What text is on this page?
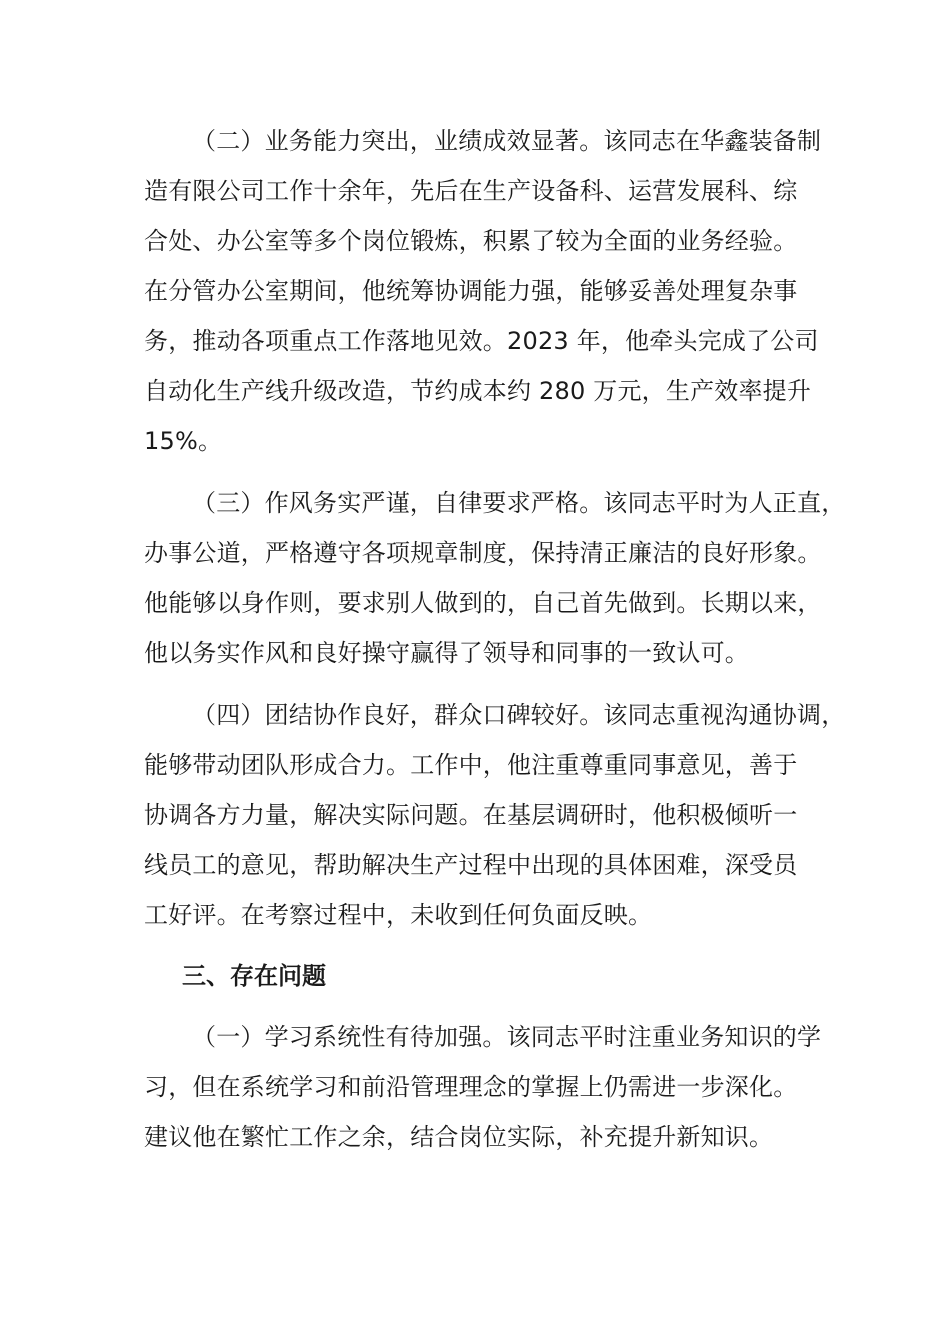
（二）业务能力突出，业绩成效显著。该同志在华鑫装备制
造有限公司工作十余年，先后在生产设备科、运营发展科、综
合处、办公室等多个岗位锻炼，积累了较为全面的业务经验。
在分管办公室期间，他统筹协调能力强，能够妥善处理复杂事
务，推动各项重点工作落地见效。2023 年，他牵头完成了公司
自动化生产线升级改造，节约成本约 280 万元，生产效率提升
15%。
（三）作风务实严谨，自律要求严格。该同志平时为人正直，
办事公道，严格遵守各项规章制度，保持清正廉洁的良好形象。
他能够以身作则，要求别人做到的，自己首先做到。长期以来，
他以务实作风和良好操守赢得了领导和同事的一致认可。
（四）团结协作良好，群众口碑较好。该同志重视沟通协调，
能够带动团队形成合力。工作中，他注重尊重同事意见，善于
协调各方力量，解决实际问题。在基层调研时，他积极倾听一
线员工的意见，帮助解决生产过程中出现的具体困难，深受员
工好评。在考察过程中，未收到任何负面反映。
三、存在问题
（一）学习系统性有待加强。该同志平时注重业务知识的学
习，但在系统学习和前沿管理理念的掌握上仍需进一步深化。
建议他在繁忙工作之余，结合岗位实际，补充提升新知识。
